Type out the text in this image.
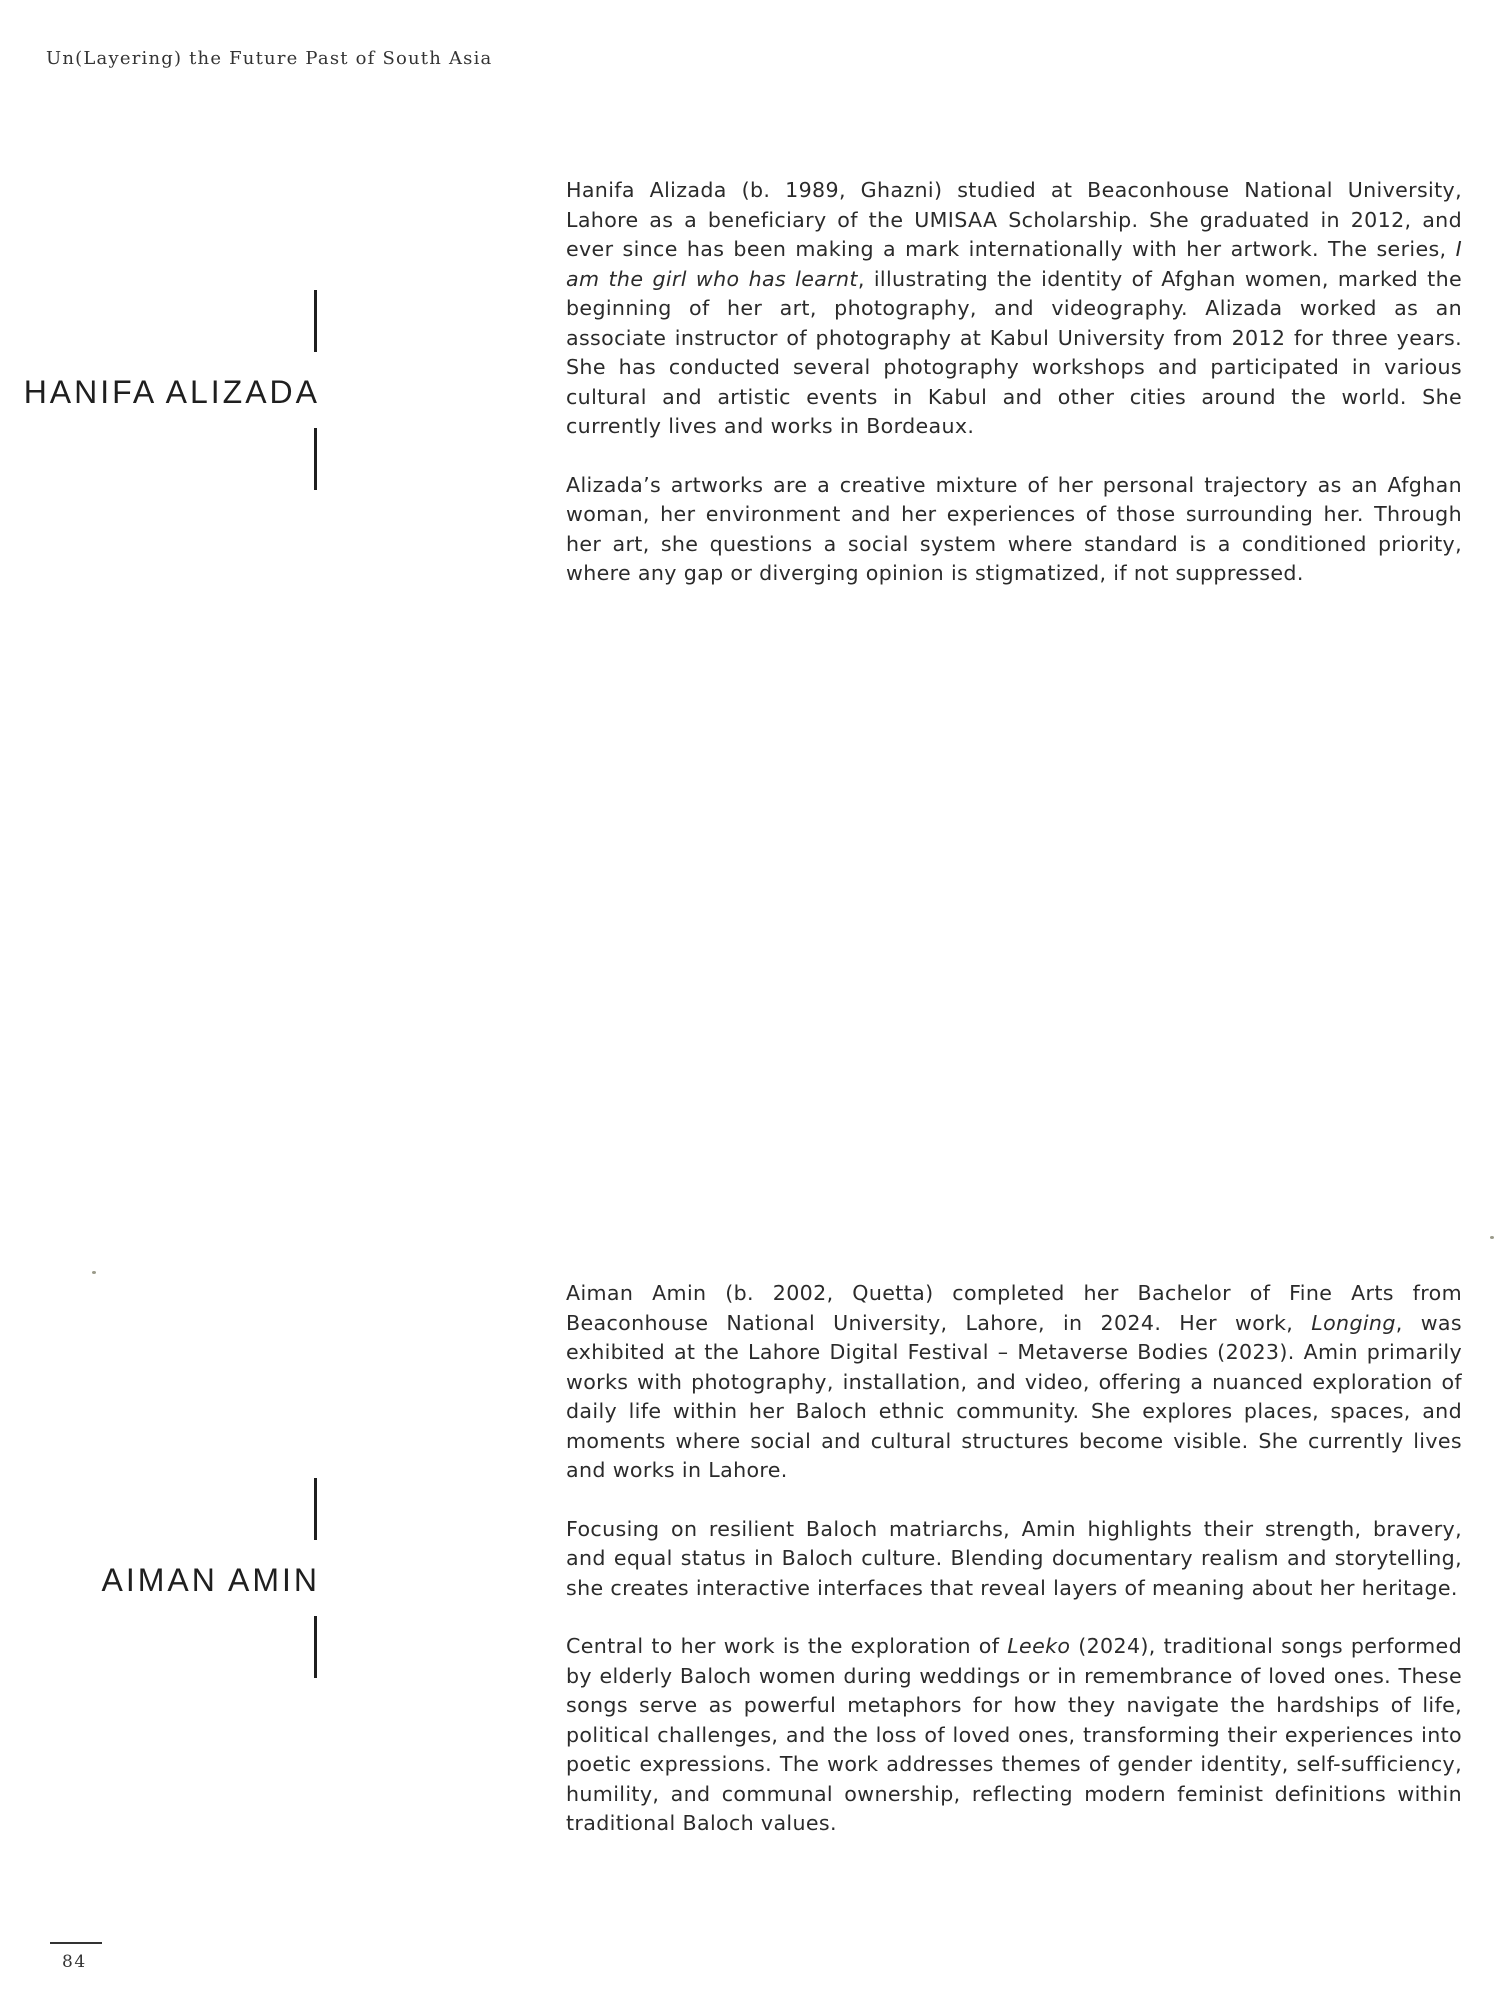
Un(Layering) the Future Past of South Asia
HANIFA ALIZADA

Hanifa Alizada (b. 1989, Ghazni) studied at Beaconhouse National University, Lahore as a beneficiary of the UMISAA Scholarship. She graduated in 2012, and ever since has been making a mark internationally with her artwork. The series, I am the girl who has learnt, illustrating the identity of Afghan women, marked the beginning of her art, photography, and videography. Alizada worked as an associate instructor of photography at Kabul University from 2012 for three years. She has conducted several photography workshops and participated in various cultural and artistic events in Kabul and other cities around the world. She currently lives and works in Bordeaux.

Alizada’s artworks are a creative mixture of her personal trajectory as an Afghan woman, her environment and her experiences of those surrounding her. Through her art, she questions a social system where standard is a conditioned priority, where any gap or diverging opinion is stigmatized, if not suppressed.

AIMAN AMIN

Aiman Amin (b. 2002, Quetta) completed her Bachelor of Fine Arts from Beaconhouse National University, Lahore, in 2024. Her work, Longing, was exhibited at the Lahore Digital Festival – Metaverse Bodies (2023). Amin primarily works with photography, installation, and video, offering a nuanced exploration of daily life within her Baloch ethnic community. She explores places, spaces, and moments where social and cultural structures become visible. She currently lives and works in Lahore.

Focusing on resilient Baloch matriarchs, Amin highlights their strength, bravery, and equal status in Baloch culture. Blending documentary realism and storytelling, she creates interactive interfaces that reveal layers of meaning about her heritage.

Central to her work is the exploration of Leeko (2024), traditional songs performed by elderly Baloch women during weddings or in remembrance of loved ones. These songs serve as powerful metaphors for how they navigate the hardships of life, political challenges, and the loss of loved ones, transforming their experiences into poetic expressions. The work addresses themes of gender identity, self-sufficiency, humility, and communal ownership, reflecting modern feminist definitions within traditional Baloch values.

84
